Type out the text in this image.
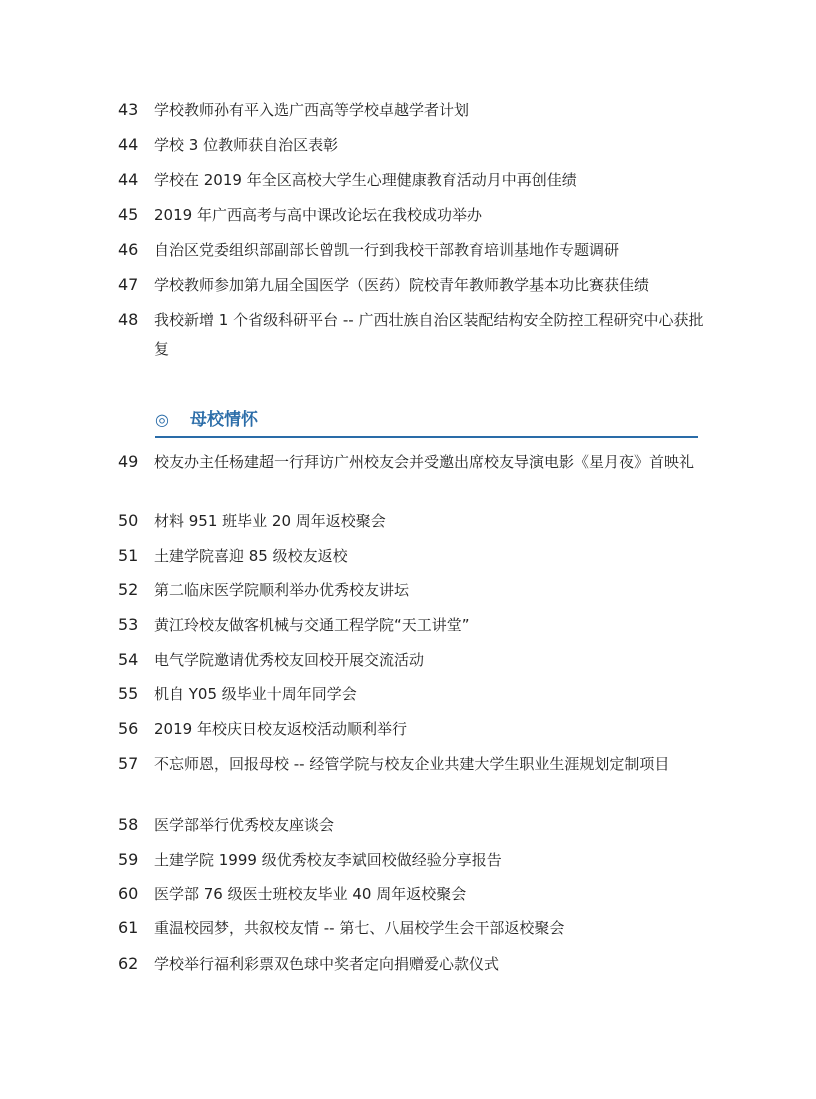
43	学校教师孙有平入选广西高等学校卓越学者计划
44	学校 3 位教师获自治区表彰
44	学校在 2019 年全区高校大学生心理健康教育活动月中再创佳绩
45	2019 年广西高考与高中课改论坛在我校成功举办
46	自治区党委组织部副部长曾凯一行到我校干部教育培训基地作专题调研
47	学校教师参加第九届全国医学（医药）院校青年教师教学基本功比赛获佳绩
48	我校新增 1 个省级科研平台 -- 广西壮族自治区装配结构安全防控工程研究中心获批复
◎ 母校情怀
49	校友办主任杨建超一行拜访广州校友会并受邀出席校友导演电影《星月夜》首映礼
50	材料 951 班毕业 20 周年返校聚会
51	土建学院喜迎 85 级校友返校
52	第二临床医学院顺利举办优秀校友讲坛
53	黄江玲校友做客机械与交通工程学院“天工讲堂”
54	电气学院邀请优秀校友回校开展交流活动
55	机自 Y05 级毕业十周年同学会
56	2019 年校庆日校友返校活动顺利举行
57	不忘师恩，回报母校 -- 经管学院与校友企业共建大学生职业生涯规划定制项目
58	医学部举行优秀校友座谈会
59	土建学院 1999 级优秀校友李斌回校做经验分享报告
60	医学部 76 级医士班校友毕业 40 周年返校聚会
61	重温校园梦，共叙校友情 -- 第七、八届校学生会干部返校聚会
62	学校举行福利彩票双色球中奖者定向捐赠爱心款仪式
